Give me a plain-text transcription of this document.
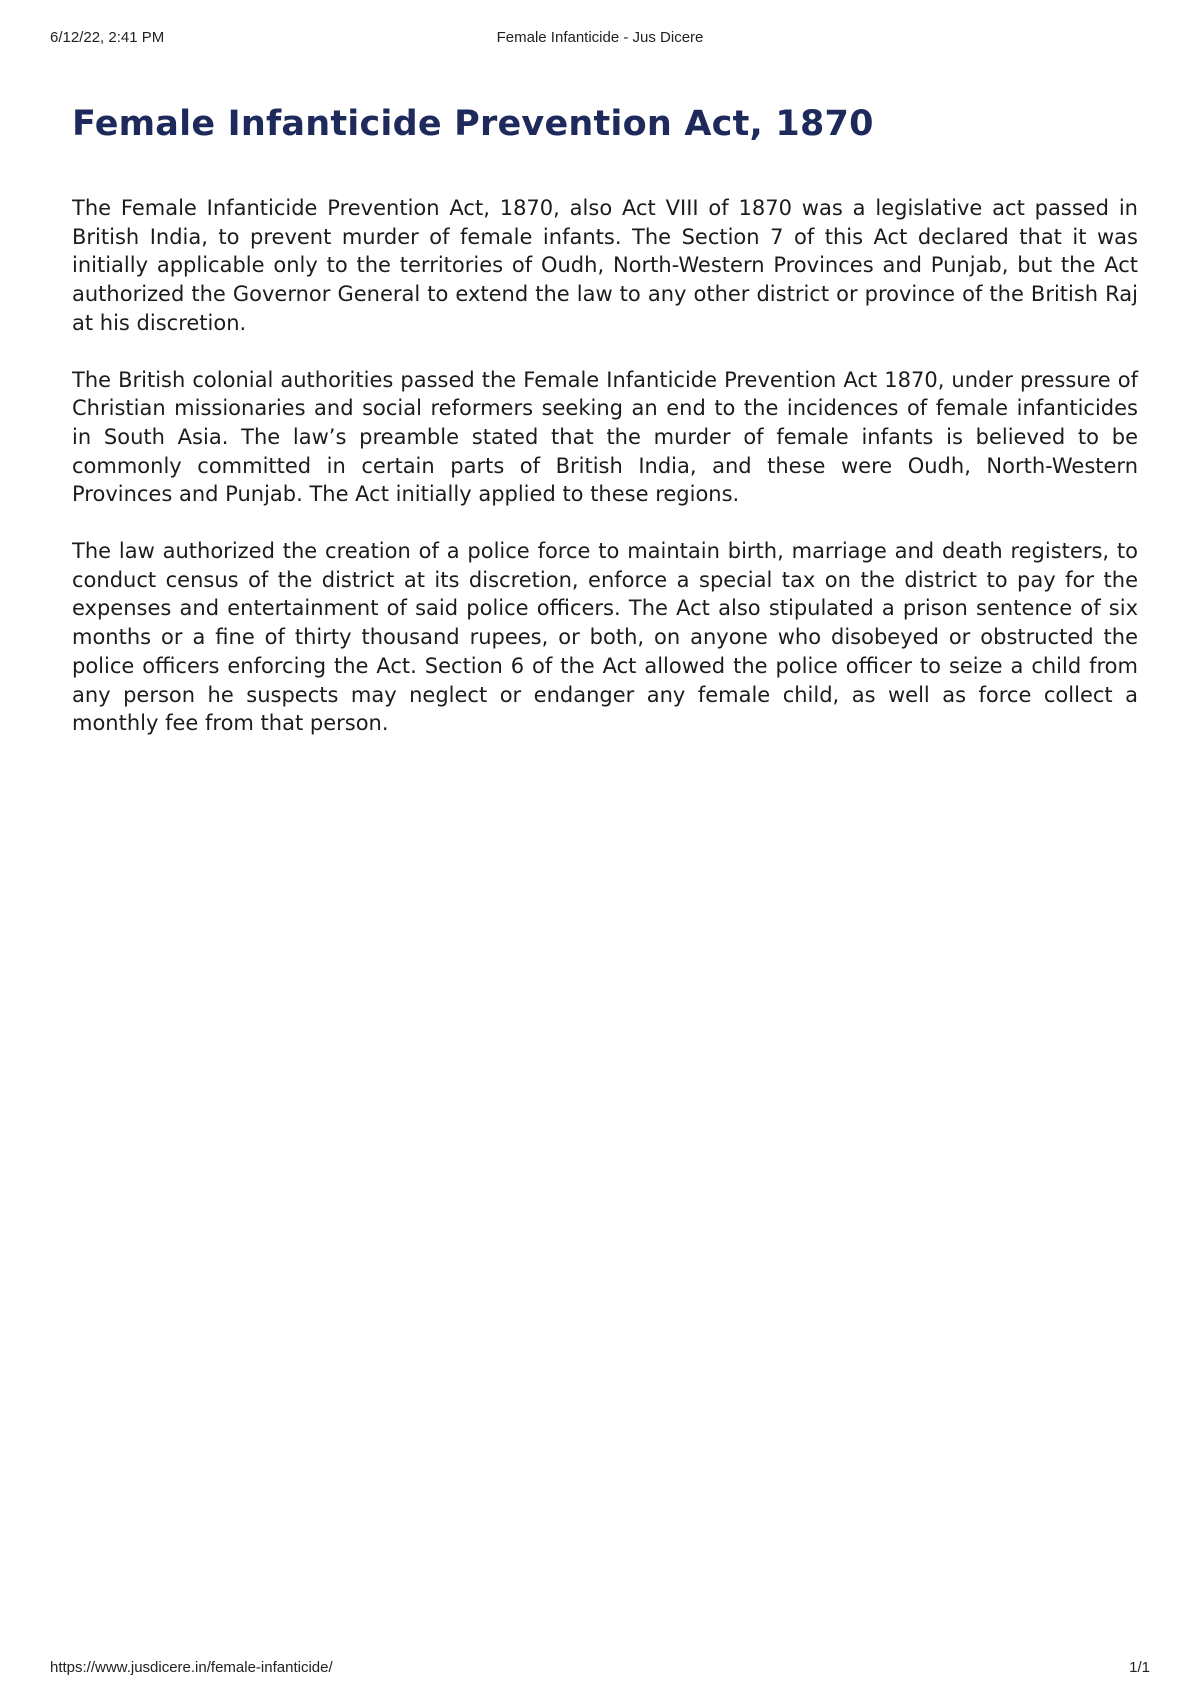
6/12/22, 2:41 PM	Female Infanticide - Jus Dicere
Female Infanticide Prevention Act, 1870

The Female Infanticide Prevention Act, 1870, also Act VIII of 1870 was a legislative act passed in British India, to prevent murder of female infants. The Section 7 of this Act declared that it was initially applicable only to the territories of Oudh, North-Western Provinces and Punjab, but the Act authorized the Governor General to extend the law to any other district or province of the British Raj at his discretion.

The British colonial authorities passed the Female Infanticide Prevention Act 1870, under pressure of Christian missionaries and social reformers seeking an end to the incidences of female infanticides in South Asia. The law’s preamble stated that the murder of female infants is believed to be commonly committed in certain parts of British India, and these were Oudh, North-Western Provinces and Punjab. The Act initially applied to these regions.

The law authorized the creation of a police force to maintain birth, marriage and death registers, to conduct census of the district at its discretion, enforce a special tax on the district to pay for the expenses and entertainment of said police officers. The Act also stipulated a prison sentence of six months or a fine of thirty thousand rupees, or both, on anyone who disobeyed or obstructed the police officers enforcing the Act. Section 6 of the Act allowed the police officer to seize a child from any person he suspects may neglect or endanger any female child, as well as force collect a monthly fee from that person.

https://www.jusdicere.in/female-infanticide/	1/1
